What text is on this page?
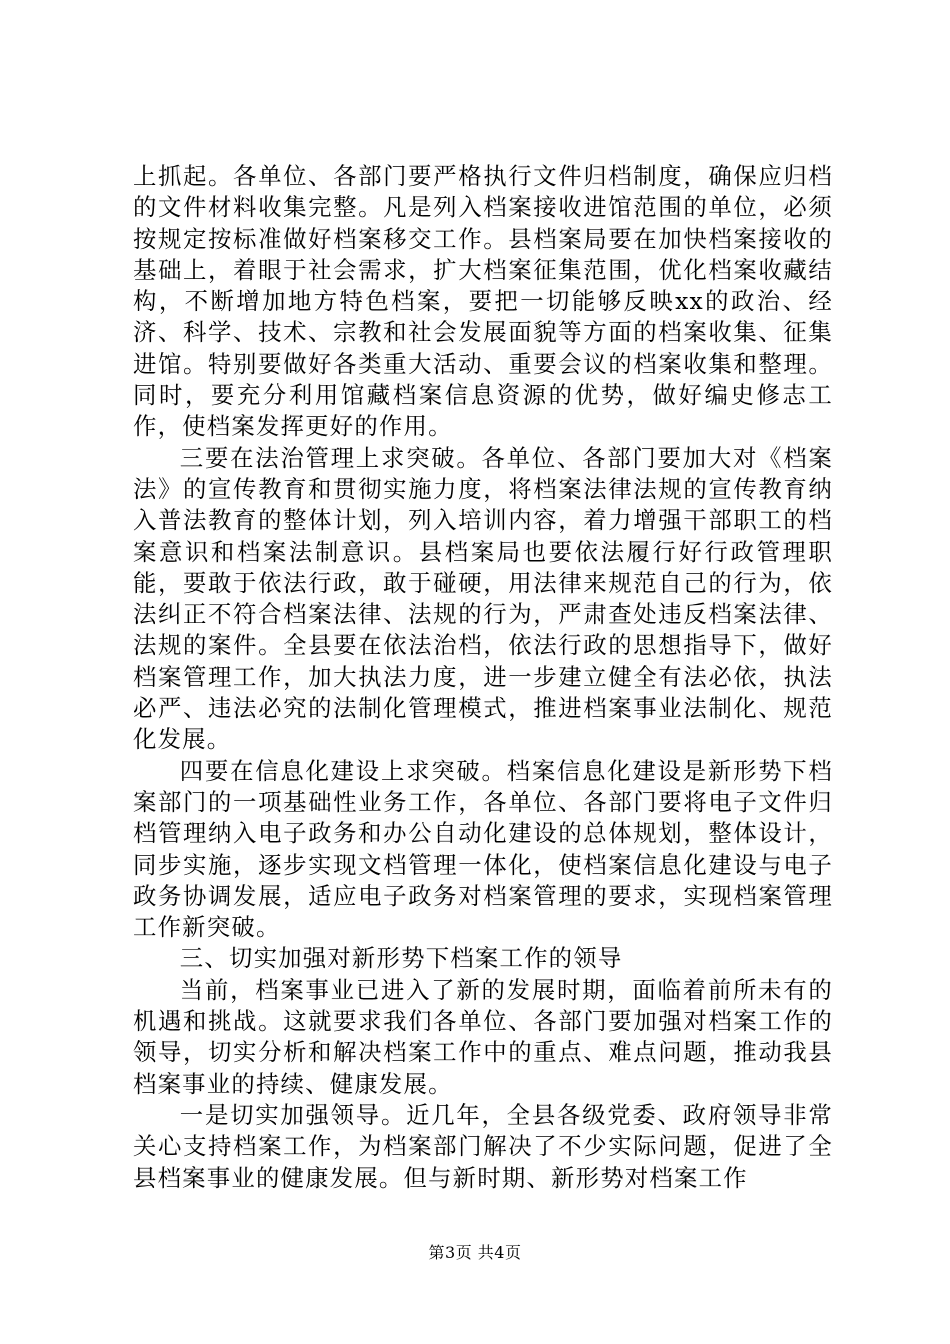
上抓起。各单位、各部门要严格执行文件归档制度，确保应归档的文件材料收集完整。凡是列入档案接收进馆范围的单位，必须按规定按标准做好档案移交工作。县档案局要在加快档案接收的基础上，着眼于社会需求，扩大档案征集范围，优化档案收藏结构，不断增加地方特色档案，要把一切能够反映xx的政治、经济、科学、技术、宗教和社会发展面貌等方面的档案收集、征集进馆。特别要做好各类重大活动、重要会议的档案收集和整理。同时，要充分利用馆藏档案信息资源的优势，做好编史修志工作，使档案发挥更好的作用。

三要在法治管理上求突破。各单位、各部门要加大对《档案法》的宣传教育和贯彻实施力度，将档案法律法规的宣传教育纳入普法教育的整体计划，列入培训内容，着力增强干部职工的档案意识和档案法制意识。县档案局也要依法履行好行政管理职能，要敢于依法行政，敢于碰硬，用法律来规范自己的行为，依法纠正不符合档案法律、法规的行为，严肃查处违反档案法律、法规的案件。全县要在依法治档，依法行政的思想指导下，做好档案管理工作，加大执法力度，进一步建立健全有法必依，执法必严、违法必究的法制化管理模式，推进档案事业法制化、规范化发展。

四要在信息化建设上求突破。档案信息化建设是新形势下档案部门的一项基础性业务工作，各单位、各部门要将电子文件归档管理纳入电子政务和办公自动化建设的总体规划，整体设计，同步实施，逐步实现文档管理一体化，使档案信息化建设与电子政务协调发展，适应电子政务对档案管理的要求，实现档案管理工作新突破。

三、切实加强对新形势下档案工作的领导

当前，档案事业已进入了新的发展时期，面临着前所未有的机遇和挑战。这就要求我们各单位、各部门要加强对档案工作的领导，切实分析和解决档案工作中的重点、难点问题，推动我县档案事业的持续、健康发展。

一是切实加强领导。近几年，全县各级党委、政府领导非常关心支持档案工作，为档案部门解决了不少实际问题，促进了全县档案事业的健康发展。但与新时期、新形势对档案工作

第3页 共4页
